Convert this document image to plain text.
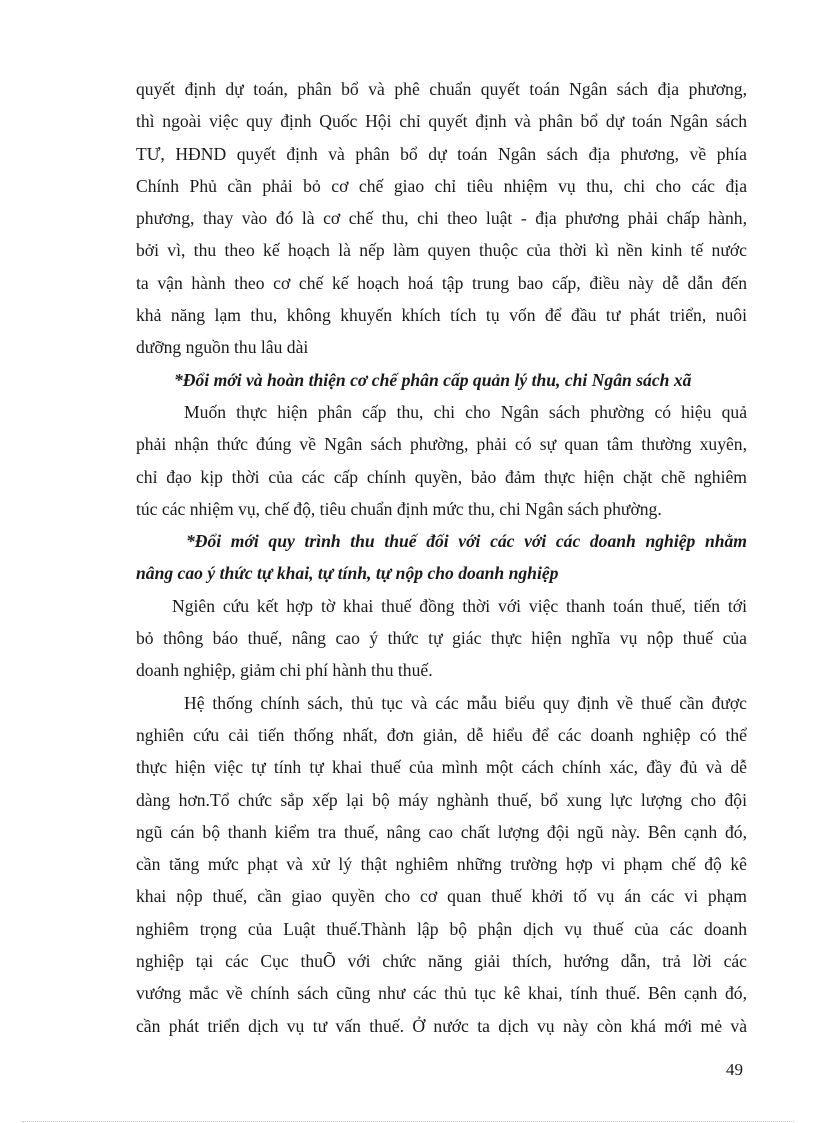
quyết định dự toán, phân bổ và phê chuẩn quyết toán Ngân sách địa phương,
thì ngoài việc quy định Quốc Hội chỉ quyết định và phân bổ dự toán Ngân sách
TƯ, HĐND quyết định và phân bổ dự toán Ngân sách địa phương, về phía
Chính Phủ cần phải bỏ cơ chế giao chỉ tiêu nhiệm vụ thu, chi cho các địa
phương, thay vào đó là cơ chế thu, chi theo luật - địa phương phải chấp hành,
bởi vì, thu theo kế hoạch là nếp làm quyen thuộc của thời kì nền kinh tế nước
ta vận hành theo cơ chế kế hoạch hoá tập trung bao cấp, điều này dễ dẫn đến
khả năng lạm thu, không khuyến khích tích tụ vốn để đầu tư phát triển, nuôi
dưỡng nguồn thu lâu dài
*Đổi mới và hoàn thiện cơ chế phân cấp quản lý thu, chi Ngân sách xã
Muốn thực hiện phân cấp thu, chi cho Ngân sách phường có hiệu quả
phải nhận thức đúng về Ngân sách phường, phải có sự quan tâm thường xuyên,
chỉ đạo kịp thời của các cấp chính quyền, bảo đảm thực hiện chặt chẽ nghiêm
túc các nhiệm vụ, chế độ, tiêu chuẩn định mức thu, chi Ngân sách phường.
*Đổi mới quy trình thu thuế đối với các với các doanh nghiệp nhằm
nâng cao ý thức tự khai, tự tính, tự nộp cho doanh nghiệp
Ngiên cứu kết hợp tờ khai thuế đồng thời với việc thanh toán thuế, tiến tới
bỏ thông báo thuế, nâng cao ý thức tự giác thực hiện nghĩa vụ nộp thuế của
doanh nghiệp, giảm chi phí hành thu thuế.
Hệ thống chính sách, thủ tục và các mẫu biểu quy định về thuế cần được
nghiên cứu cải tiến thống nhất, đơn giản, dễ hiểu để các doanh nghiệp có thể
thực hiện việc tự tính tự khai thuế của mình một cách chính xác, đầy đủ và dễ
dàng hơn.Tổ chức sắp xếp lại bộ máy nghành thuế, bổ xung lực lượng cho đội
ngũ cán bộ thanh kiểm tra thuế, nâng cao chất lượng đội ngũ này. Bên cạnh đó,
cần tăng mức phạt và xử lý thật nghiêm những trường hợp vi phạm chế độ kê
khai nộp thuế, cần giao quyền cho cơ quan thuế khởi tố vụ án các vi phạm
nghiêm trọng của Luật thuế.Thành lập bộ phận dịch vụ thuế của các doanh
nghiệp tại các Cục thuÕ với chức năng giải thích, hướng dẫn, trả lời các
vướng mắc về chính sách cũng như các thủ tục kê khai, tính thuế. Bên cạnh đó,
cần phát triển dịch vụ tư vấn thuế. Ở nước ta dịch vụ này còn khá mới mẻ và
49
